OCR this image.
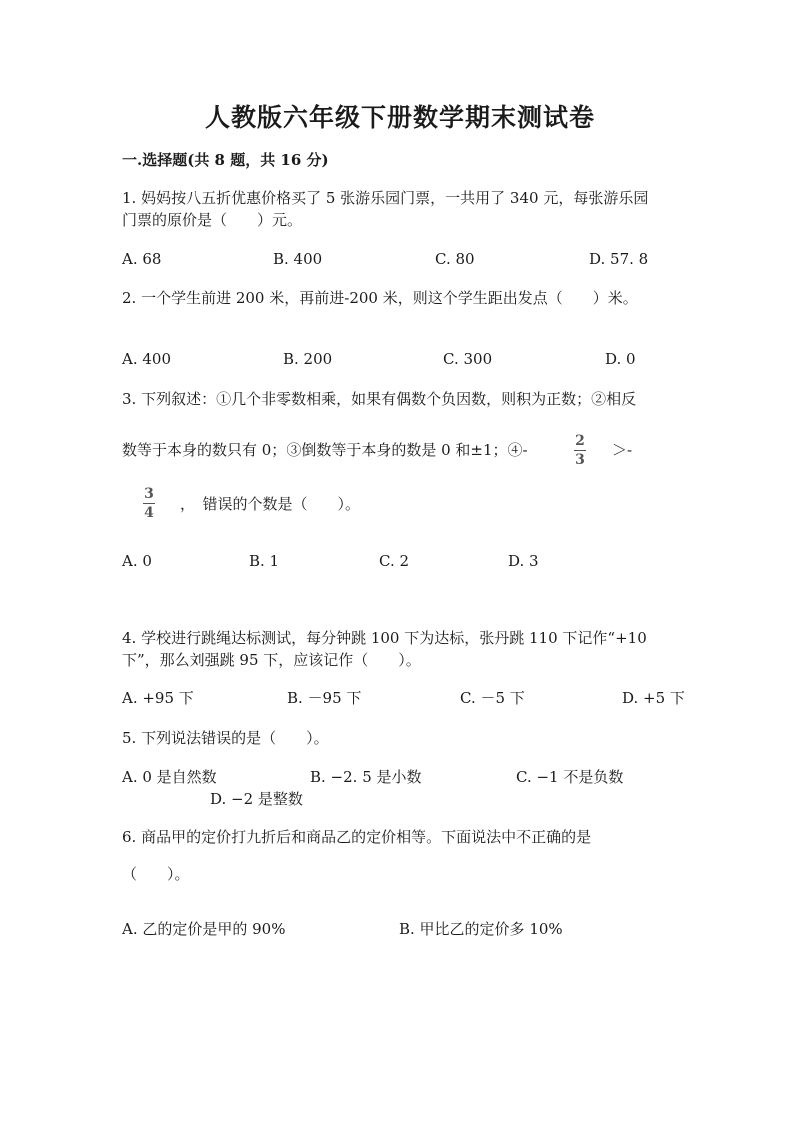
人教版六年级下册数学期末测试卷
一.选择题(共 8 题，共 16 分)
1. 妈妈按八五折优惠价格买了 5 张游乐园门票，一共用了 340 元，每张游乐园
门票的原价是（　　）元。
A. 68	B. 400	C. 80	D. 57. 8
2. 一个学生前进 200 米，再前进-200 米，则这个学生距出发点（　　）米。
A. 400	B. 200	C. 300	D. 0
3. 下列叙述：①几个非零数相乘，如果有偶数个负因数，则积为正数；②相反
数等于本身的数只有 0；③倒数等于本身的数是 0 和±1；④-	2
3
＞-
3
4 ，　错误的个数是（　　）。
A. 0	B. 1	C. 2	D. 3
4. 学校进行跳绳达标测试，每分钟跳 100 下为达标，张丹跳 110 下记作“+10
下”，那么刘强跳 95 下，应该记作（　　）。
A. +95 下	B. －95 下	C. －5 下	D. +5 下
5. 下列说法错误的是（　　）。
A. 0 是自然数	B. −2. 5 是小数	C. −1 不是负数
D. −2 是整数
6. 商品甲的定价打九折后和商品乙的定价相等。下面说法中不正确的是
（　　）。
A. 乙的定价是甲的 90%	B. 甲比乙的定价多 10%
